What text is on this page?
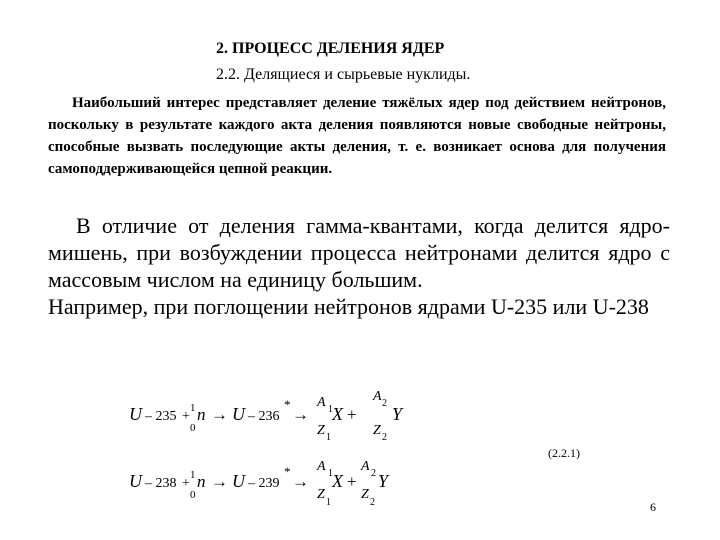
2. ПРОЦЕСС ДЕЛЕНИЯ ЯДЕР
2.2. Делящиеся и сырьевые нуклиды.
Наибольший интерес представляет деление тяжёлых ядер под действием нейтронов, поскольку в результате каждого акта деления появляются новые свободные нейтроны, способные вызвать последующие акты деления, т. е. возникает основа для получения самоподдерживающейся цепной реакции.

В отличие от деления гамма-квантами, когда делится ядро-мишень, при возбуждении процесса нейтронами делится ядро с массовым числом на единицу большим.

Например, при поглощении нейтронов ядрами U-235 или U-238

U – 235 +
1
0
n → U – 236
*
→
A 1
Z 1
X +
A 2
Z 2
Y
U – 238 +
1
0
n → U – 239
*
→
A 1
Z
1
X +
A 2
Z
2
Y
(2.2.1)
6
